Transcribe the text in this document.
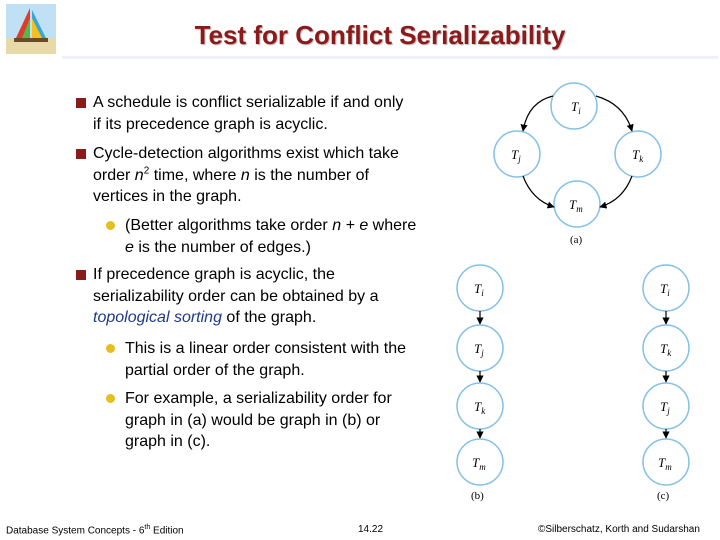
Test for Conflict Serializability
A schedule is conflict serializable if and only
if its precedence graph is acyclic.
Cycle-detection algorithms exist which take
order $n^2$ time, where n is the number of
vertices in the graph.
(Better algorithms take order n + e where
e is the number of edges.)
If precedence graph is acyclic, the
serializability order can be obtained by a
topological sorting of the graph.
This is a linear order consistent with the
partial order of the graph.
For example, a serializability order for
graph in (a) would be graph in (b) or
graph in (c).
$T_i$
$T_j$	$T_k$
$T_m$
(a)
$T_i$
$T_j$
$T_k$
$T_m$
(b)
$T_i$
$T_k$
$T_j$
$T_m$
(c)
Database System Concepts - 6th Edition	14.22	©Silberschatz, Korth and Sudarshan
